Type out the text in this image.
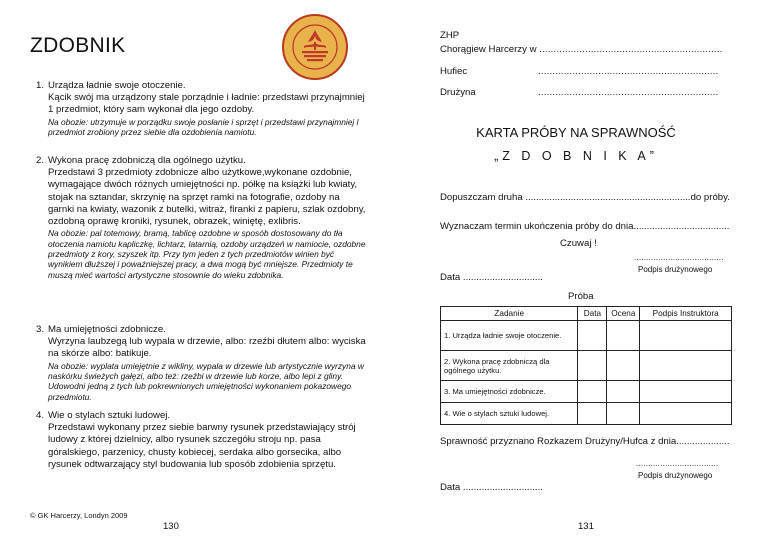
ZDOBNIK
1. Urządza ładnie swoje otoczenie.
Kącik swój ma urządzony stale porządnie i ładnie: przedstawi przynajmniej 1 przedmiot, który sam wykonał dla jego ozdoby.
Na obozie: utrzymuje w porządku swoje posłanie i sprzęt i przedstawi przynajmniej l przedmiot zrobiony przez siebie dla ozdobienia namiotu.
2. Wykona pracę zdobniczą dla ogólnego użytku.
Przedstawi 3 przedmioty zdobnicze albo użytkowe,wykonane ozdobnie, wymagające dwóch różnych umiejętności np. półkę na książki lub kwiaty, stojak na sztandar, skrzynię na sprzęt ramki na fotografie, ozdoby na garnki na kwiaty, wazonik z butelki, witraż, firanki z papieru, szlak ozdobny, ozdobną oprawę kroniki, rysunek, obrazek, winiętę, exlibris.
Na obozie: pal totemowy, bramą, tablicę ozdobne w sposób dostosowany do tła otoczenia namiotu kapliczkę, lichtarz, latarnią, ozdoby urządzeń w namiocie, ozdobne przedmioty z kory, szyszek itp. Przy tym jeden z tych przedmiotów winien być wynikiem dłuższej i poważniejszej pracy, a dwa mogą być mniejsze. Przedmioty te muszą mieć wartości artystyczne stosownie do wieku zdobnika.
3. Ma umiejętności zdobnicze.
Wyrzyna laubzegą lub wypala w drzewie, albo: rzeźbi dłutem albo: wyciska na skórze albo: batikuje.
Na obozie: wyplata umiejętnie z wikliny, wypala w drzewie lub artystycznie wyrzyna w naskórku świeżych gałęzi, albo też: rzeźbi w drzewie lub korze, albo lepi z gliny. Udowodni jedną z tych lub pokrewnionych umiejętności wykonaniem pokazowego przedmiotu.
4. Wie o stylach sztuki ludowej.
Przedstawi wykonany przez siebie barwny rysunek przedstawiający strój ludowy z której dzielnicy, albo rysunek szczegółu stroju np. pasa góralskiego, parzenicy, chusty kobiecej, serdaka albo gorsecika, albo rysunek odtwarzający styl budowania lub sposób zdobienia sprzętu.
© GK Harcerzy, Londyn 2009
130
ZHP
Chorągiew Harcerzy w ................................................................
Hufiec	...............................................................
Drużyna	...............................................................
KARTA PRÓBY NA SPRAWNOŚĆ
„Z D O B N I K A”
Dopuszczam druha ..............................................................do próby.
Wyznaczam termin ukończenia próby do dnia....................................
Czuwaj !
.....................................
Podpis drużynowego
Data ..............................
Próba
Zadanie	Data	Ocena	Podpis Instruktora
1. Urządza ładnie swoje otoczenie.			
2. Wykona pracę zdobniczą dla ogólnego użytku.			
3. Ma umiejętności zdobnicze.			
4. Wie o stylach sztuki ludowej.			
Sprawność przyznano Rozkazem Drużyny/Hufca z dnia....................
..................................
Podpis drużynowego
Data ..............................
131
